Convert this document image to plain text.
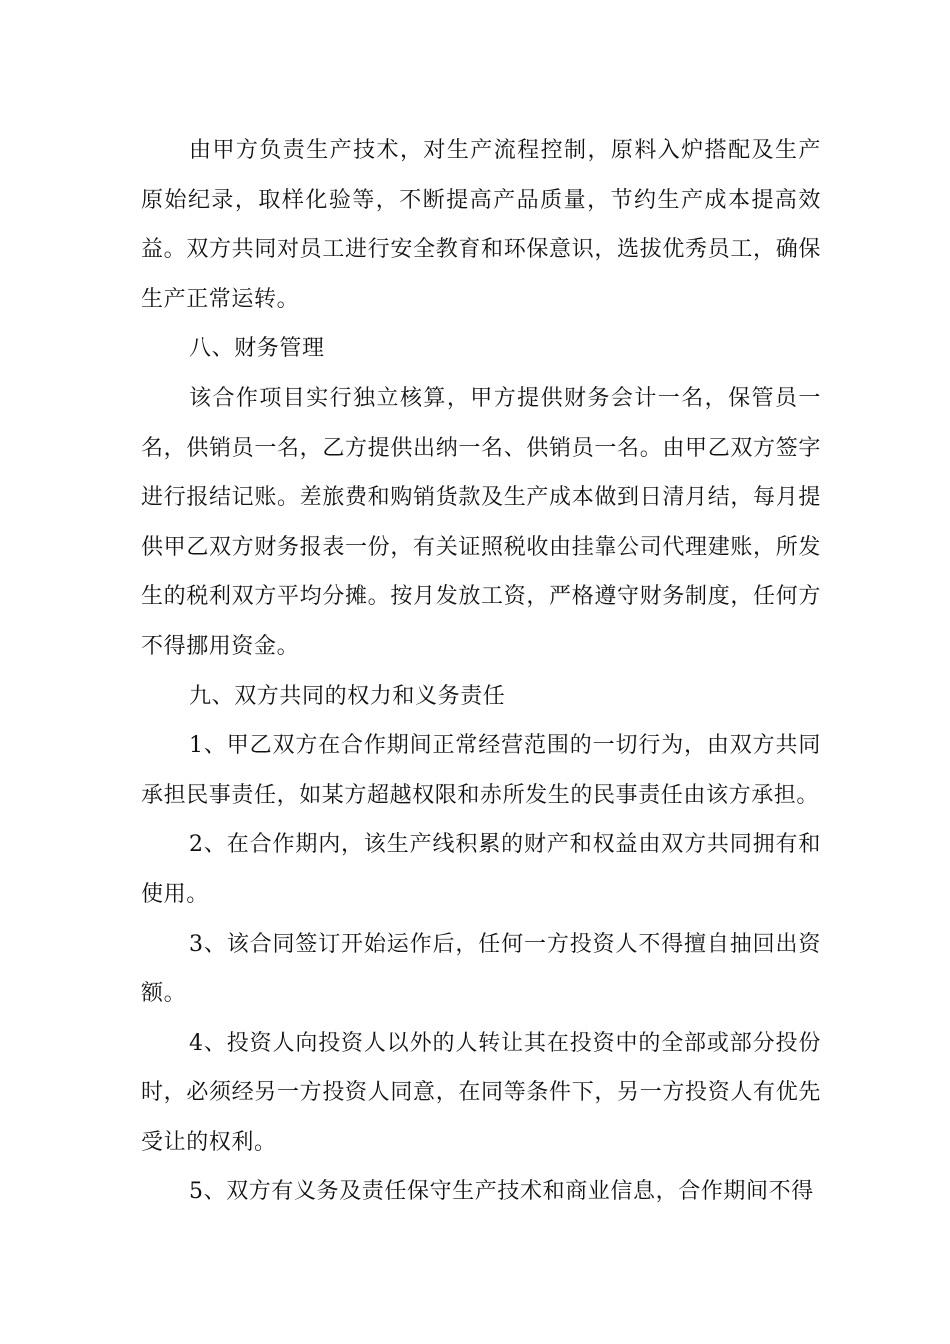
由甲方负责生产技术，对生产流程控制，原料入炉搭配及生产原始纪录，取样化验等，不断提高产品质量，节约生产成本提高效益。双方共同对员工进行安全教育和环保意识，选拔优秀员工，确保生产正常运转。

八、财务管理

该合作项目实行独立核算，甲方提供财务会计一名，保管员一名，供销员一名，乙方提供出纳一名、供销员一名。由甲乙双方签字进行报结记账。差旅费和购销货款及生产成本做到日清月结，每月提供甲乙双方财务报表一份，有关证照税收由挂靠公司代理建账，所发生的税利双方平均分摊。按月发放工资，严格遵守财务制度，任何方不得挪用资金。

九、双方共同的权力和义务责任

1、甲乙双方在合作期间正常经营范围的一切行为，由双方共同承担民事责任，如某方超越权限和赤所发生的民事责任由该方承担。

2、在合作期内，该生产线积累的财产和权益由双方共同拥有和使用。

3、该合同签订开始运作后，任何一方投资人不得擅自抽回出资额。

4、投资人向投资人以外的人转让其在投资中的全部或部分投份时，必须经另一方投资人同意，在同等条件下，另一方投资人有优先受让的权利。

5、双方有义务及责任保守生产技术和商业信息，合作期间不得
